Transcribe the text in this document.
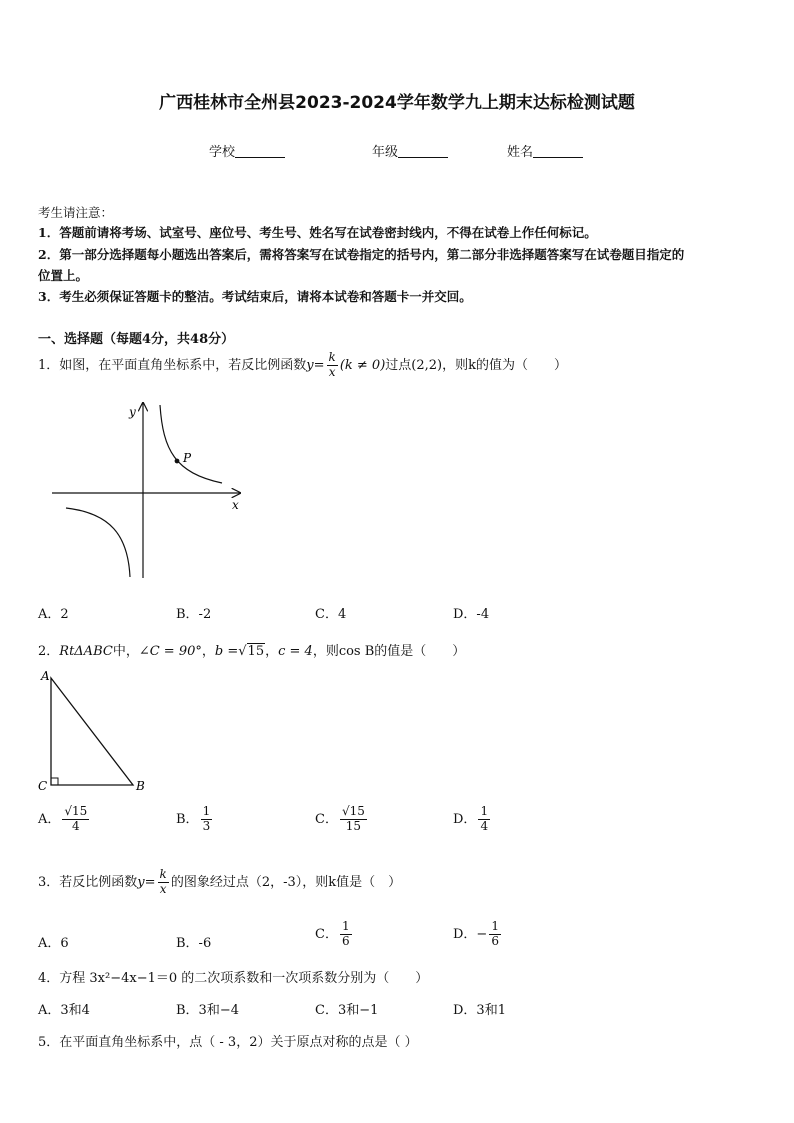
广西桂林市全州县2023-2024学年数学九上期末达标检测试题
学校	年级	姓名
考生请注意：
1．答题前请将考场、试室号、座位号、考生号、姓名写在试卷密封线内，不得在试卷上作任何标记。
2．第一部分选择题每小题选出答案后，需将答案写在试卷指定的括号内，第二部分非选择题答案写在试卷题目指定的
位置上。
3．考生必须保证答题卡的整洁。考试结束后，请将本试卷和答题卡一并交回。
一、选择题（每题4分，共48分）
1．如图，在平面直角坐标系中，若反比例函数$y= \frac{k}{x} (k \ne 0)$过点(2,2)，则k的值为（　　）
P
y
x
A．2	B．-2	C．4	D．-4
2．RtΔABC中，∠C = 90°，b =√15，c = 4，则cos B的值是（　　）
A
C	B
A． $\frac{√15}{4}$	B． $\frac{1}{3}$	C． $\frac{√15}{15}$	D． $\frac{1}{4}$
3．若反比例函数$y= \frac{k}{x}$ 的图象经过点（2，-3），则k值是（　）
A．6	B．-6
C． $\frac{1}{6}$	D．− $\frac{1}{6}$
4．方程 3x²−4x−1＝0 的二次项系数和一次项系数分别为（　　）
A．3和4	B．3和−4	C．3和−1	D．3和1
5．在平面直角坐标系中，点（ - 3，2）关于原点对称的点是（ ）
